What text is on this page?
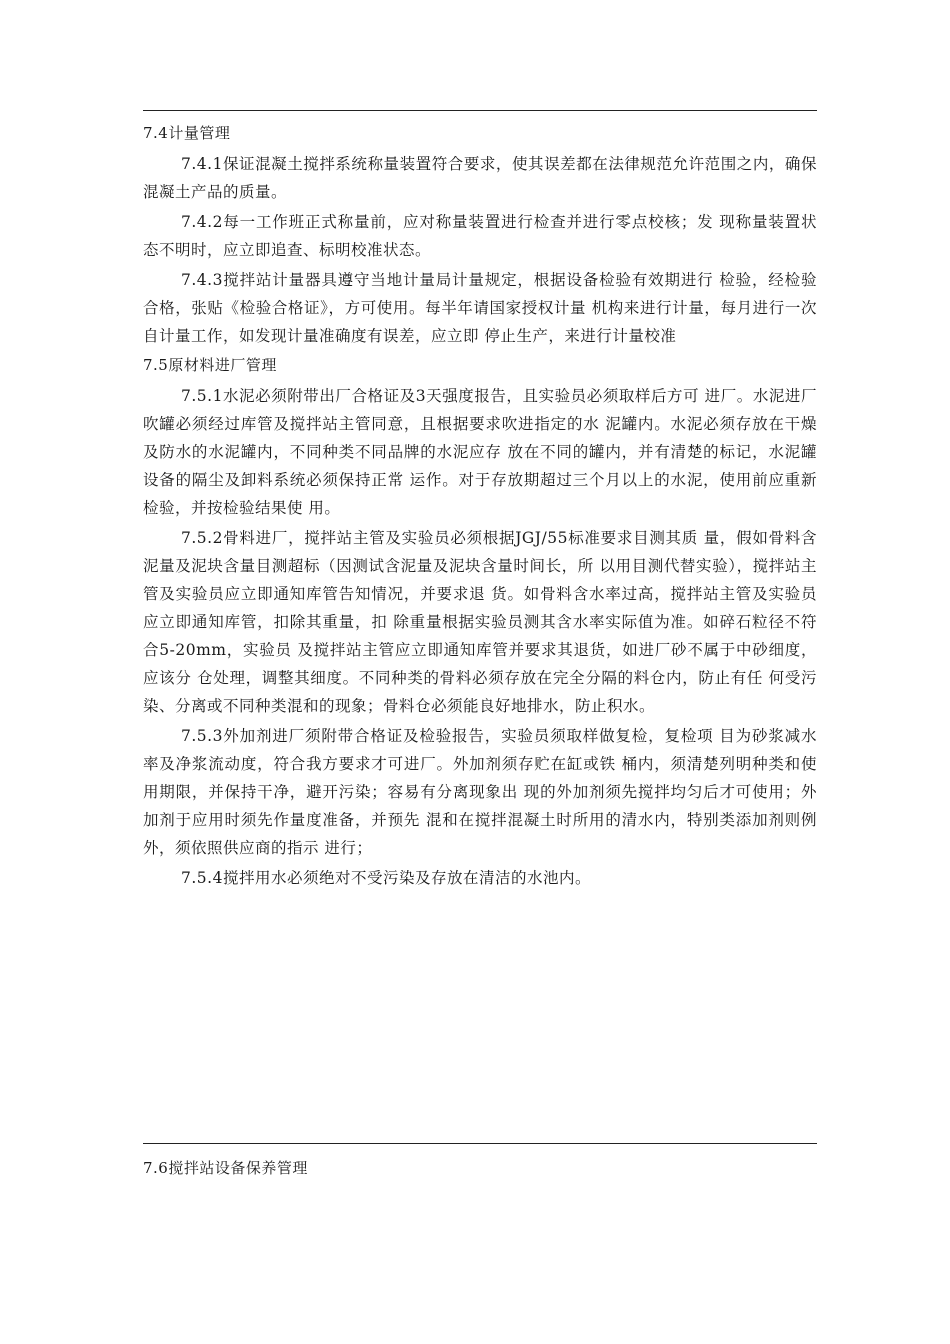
7.4计量管理

7.4.1保证混凝土搅拌系统称量装置符合要求，使其误差都在法律规范允许范围之内，确保混凝土产品的质量。

7.4.2每一工作班正式称量前，应对称量装置进行检查并进行零点校核；发 现称量装置状态不明时，应立即追查、标明校准状态。

7.4.3搅拌站计量器具遵守当地计量局计量规定，根据设备检验有效期进行 检验，经检验合格，张贴《检验合格证》，方可使用。每半年请国家授权计量 机构来进行计量，每月进行一次自计量工作，如发现计量准确度有误差，应立即 停止生产，来进行计量校准

7.5原材料进厂管理

7.5.1水泥必须附带出厂合格证及3天强度报告，且实验员必须取样后方可 进厂。水泥进厂吹罐必须经过库管及搅拌站主管同意，且根据要求吹进指定的水 泥罐内。水泥必须存放在干燥及防水的水泥罐内，不同种类不同品牌的水泥应存 放在不同的罐内，并有清楚的标记，水泥罐设备的隔尘及卸料系统必须保持正常 运作。对于存放期超过三个月以上的水泥，使用前应重新检验，并按检验结果使 用。

7.5.2骨料进厂，搅拌站主管及实验员必须根据JGJ/55标准要求目测其质 量，假如骨料含泥量及泥块含量目测超标（因测试含泥量及泥块含量时间长，所 以用目测代替实验），搅拌站主管及实验员应立即通知库管告知情况，并要求退 货。如骨料含水率过高，搅拌站主管及实验员应立即通知库管，扣除其重量，扣 除重量根据实验员测其含水率实际值为准。如碎石粒径不符合5-20mm，实验员 及搅拌站主管应立即通知库管并要求其退货，如进厂砂不属于中砂细度，应该分 仓处理，调整其细度。不同种类的骨料必须存放在完全分隔的料仓内，防止有任 何受污染、分离或不同种类混和的现象；骨料仓必须能良好地排水，防止积水。

7.5.3外加剂进厂须附带合格证及检验报告，实验员须取样做复检，复检项 目为砂浆减水率及净浆流动度，符合我方要求才可进厂。外加剂须存贮在缸或铁 桶内，须清楚列明种类和使用期限，并保持干净，避开污染；容易有分离现象出 现的外加剂须先搅拌均匀后才可使用；外加剂于应用时须先作量度准备，并预先 混和在搅拌混凝土时所用的清水内，特别类添加剂则例外，须依照供应商的指示 进行；

7.5.4搅拌用水必须绝对不受污染及存放在清洁的水池内。

7.6搅拌站设备保养管理
